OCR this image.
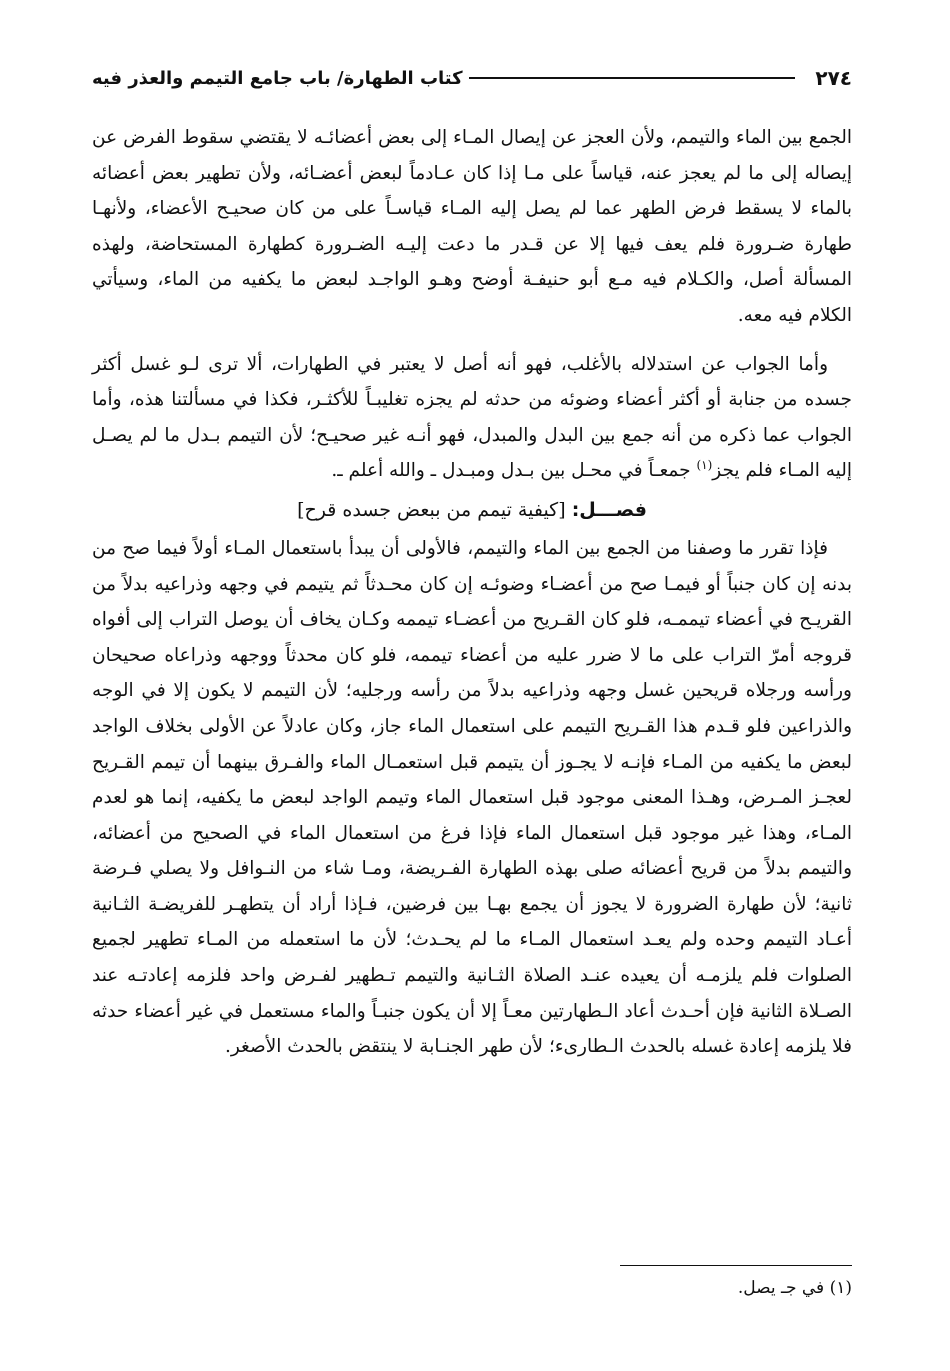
٢٧٤
كتاب الطهارة/ باب جامع التيمم والعذر فيه

الجمع بين الماء والتيمم، ولأن العجز عن إيصال المـاء إلى بعض أعضائـه لا يقتضي سقوط الفرض عن إيصاله إلى ما لم يعجز عنه، قياساً على مـا إذا كان عـادماً لبعض أعضـائه، ولأن تطهير بعض أعضائه بالماء لا يسقط فرض الطهر عما لم يصل إليه المـاء قياسـاً على من كان صحيـح الأعضاء، ولأنهـا طهارة ضـرورة فلم يعف فيها إلا عن قـدر ما دعت إليـه الضـرورة كطهارة المستحاضة، ولهذه المسألة أصل، والكـلام فيه مـع أبو حنيفـة أوضح وهـو الواجـد لبعض ما يكفيه من الماء، وسيأتي الكلام فيه معه.

وأما الجواب عن استدلاله بالأغلب، فهو أنه أصل لا يعتبر في الطهارات، ألا ترى لـو غسل أكثر جسده من جنابة أو أكثر أعضاء وضوئه من حدثه لم يجزه تغليبـاً للأكثـر، فكذا في مسألتنا هذه، وأما الجواب عما ذكره من أنه جمع بين البدل والمبدل، فهو أنـه غير صحيـح؛ لأن التيمم بـدل ما لم يصـل إليه المـاء فلم يجز$^{(١)}$ جمعـاً في محـل بين بـدل ومبـدل ـ والله أعلم ـ.

فصـــل: [كيفية تيمم من ببعض جسده قرح]

فإذا تقرر ما وصفنا من الجمع بين الماء والتيمم، فالأولى أن يبدأ باستعمال المـاء أولاً فيما صح من بدنه إن كان جنباً أو فيمـا صح من أعضـاء وضوئـه إن كان محـدثاً ثم يتيمم في وجهه وذراعيه بدلاً من القريـح في أعضاء تيممـه، فلو كان القـريح من أعضـاء تيممه وكـان يخاف أن يوصل التراب إلى أفواه قروجه أمرّ التراب على ما لا ضرر عليه من أعضاء تيممه، فلو كان محدثاً ووجهه وذراعاه صحيحان ورأسه ورجلاه قريحين غسل وجهه وذراعيه بدلاً من رأسه ورجليه؛ لأن التيمم لا يكون إلا في الوجه والذراعين فلو قـدم هذا القـريح التيمم على استعمال الماء جاز، وكان عادلاً عن الأولى بخلاف الواجد لبعض ما يكفيه من المـاء فإنـه لا يجـوز أن يتيمم قبل استعمـال الماء والفـرق بينهما أن تيمم القـريح لعجـز المـرض، وهـذا المعنى موجود قبل استعمال الماء وتيمم الواجد لبعض ما يكفيه، إنما هو لعدم المـاء، وهذا غير موجود قبل استعمال الماء فإذا فرغ من استعمال الماء في الصحيح من أعضائه، والتيمم بدلاً من قريح أعضائه صلى بهذه الطهارة الفـريضة، ومـا شاء من النـوافل ولا يصلي فـرضة ثانية؛ لأن طهارة الضرورة لا يجوز أن يجمع بهـا بين فرضين، فـإذا أراد أن يتطهـر للفريضـة الثـانية أعـاد التيمم وحده ولم يعـد استعمال المـاء ما لم يحـدث؛ لأن ما استعمله من المـاء تطهير لجميع الصلوات فلم يلزمـه أن يعيده عنـد الصلاة الثـانية والتيمم تـطهير لفـرض واحد فلزمه إعادتـه عند الصـلاة الثانية فإن أحـدث أعاد الـطهارتين معـاً إلا أن يكون جنبـاً والماء مستعمل في غير أعضاء حدثه فلا يلزمه إعادة غسله بالحدث الـطارىء؛ لأن طهر الجنـابة لا ينتقض بالحدث الأصغر.

(١) في جـ يصل.
